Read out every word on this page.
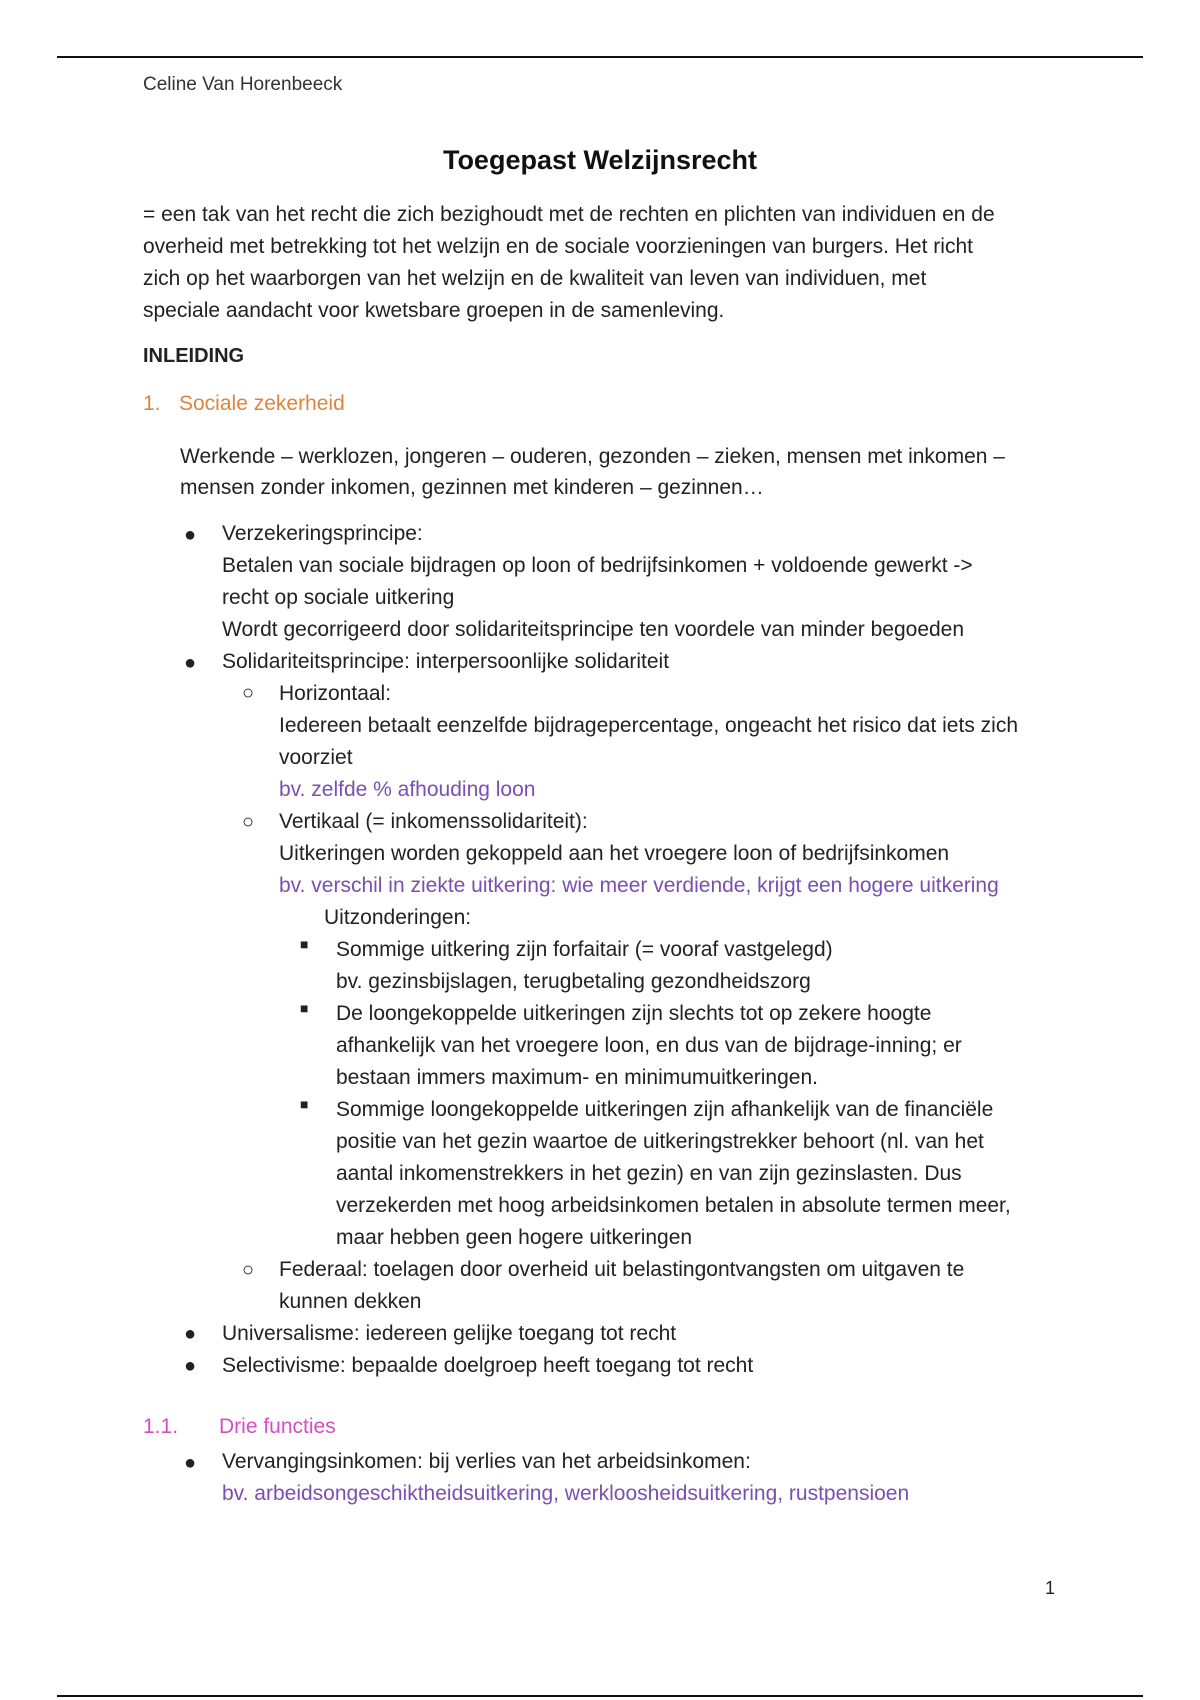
Celine Van Horenbeeck
Toegepast Welzijnsrecht
= een tak van het recht die zich bezighoudt met de rechten en plichten van individuen en de
overheid met betrekking tot het welzijn en de sociale voorzieningen van burgers. Het richt
zich op het waarborgen van het welzijn en de kwaliteit van leven van individuen, met
speciale aandacht voor kwetsbare groepen in de samenleving.
INLEIDING
1. Sociale zekerheid
Werkende – werklozen, jongeren – ouderen, gezonden – zieken, mensen met inkomen –
mensen zonder inkomen, gezinnen met kinderen – gezinnen…
● Verzekeringsprincipe:
Betalen van sociale bijdragen op loon of bedrijfsinkomen + voldoende gewerkt ->
recht op sociale uitkering
Wordt gecorrigeerd door solidariteitsprincipe ten voordele van minder begoeden
● Solidariteitsprincipe: interpersoonlijke solidariteit
○ Horizontaal:
Iedereen betaalt eenzelfde bijdragepercentage, ongeacht het risico dat iets zich
voorziet
bv. zelfde % afhouding loon
○ Vertikaal (= inkomenssolidariteit):
Uitkeringen worden gekoppeld aan het vroegere loon of bedrijfsinkomen
bv. verschil in ziekte uitkering: wie meer verdiende, krijgt een hogere uitkering
Uitzonderingen:
■ Sommige uitkering zijn forfaitair (= vooraf vastgelegd)
bv. gezinsbijslagen, terugbetaling gezondheidszorg
■ De loongekoppelde uitkeringen zijn slechts tot op zekere hoogte
afhankelijk van het vroegere loon, en dus van de bijdrage-inning; er
bestaan immers maximum- en minimumuitkeringen.
■ Sommige loongekoppelde uitkeringen zijn afhankelijk van de financiële
positie van het gezin waartoe de uitkeringstrekker behoort (nl. van het
aantal inkomenstrekkers in het gezin) en van zijn gezinslasten. Dus
verzekerden met hoog arbeidsinkomen betalen in absolute termen meer,
maar hebben geen hogere uitkeringen
○ Federaal: toelagen door overheid uit belastingontvangsten om uitgaven te
kunnen dekken
● Universalisme: iedereen gelijke toegang tot recht
● Selectivisme: bepaalde doelgroep heeft toegang tot recht
1.1. Drie functies
● Vervangingsinkomen: bij verlies van het arbeidsinkomen:
bv. arbeidsongeschiktheidsuitkering, werkloosheidsuitkering, rustpensioen
1
